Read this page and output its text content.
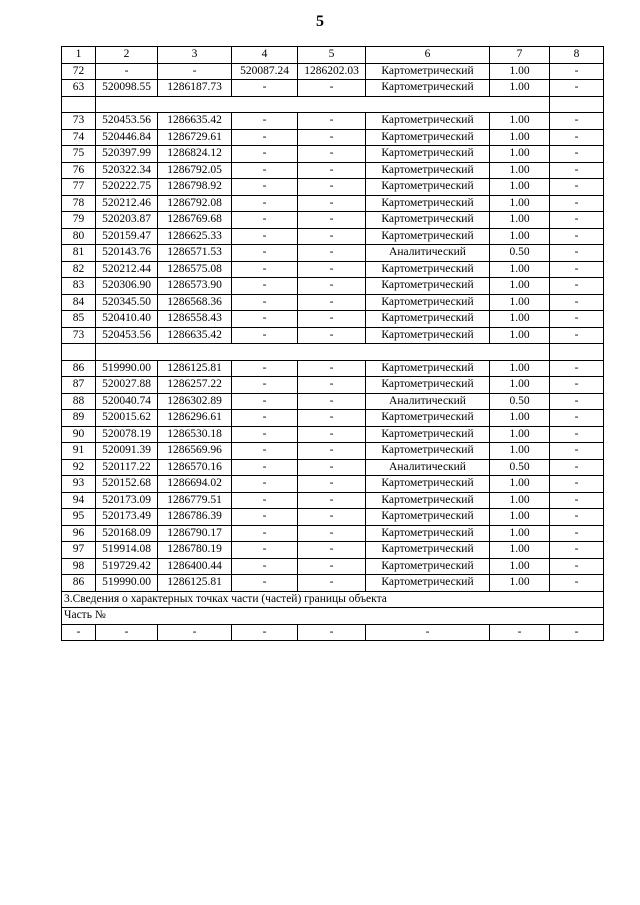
5
1	2	3	4	5	6	7	8
72	-	-	520087.24	1286202.03	Картометрический	1.00	-
63	520098.55	1286187.73	-	-	Картометрический	1.00	-

73	520453.56	1286635.42	-	-	Картометрический	1.00	-
74	520446.84	1286729.61	-	-	Картометрический	1.00	-
75	520397.99	1286824.12	-	-	Картометрический	1.00	-
76	520322.34	1286792.05	-	-	Картометрический	1.00	-
77	520222.75	1286798.92	-	-	Картометрический	1.00	-
78	520212.46	1286792.08	-	-	Картометрический	1.00	-
79	520203.87	1286769.68	-	-	Картометрический	1.00	-
80	520159.47	1286625.33	-	-	Картометрический	1.00	-
81	520143.76	1286571.53	-	-	Аналитический	0.50	-
82	520212.44	1286575.08	-	-	Картометрический	1.00	-
83	520306.90	1286573.90	-	-	Картометрический	1.00	-
84	520345.50	1286568.36	-	-	Картометрический	1.00	-
85	520410.40	1286558.43	-	-	Картометрический	1.00	-
73	520453.56	1286635.42	-	-	Картометрический	1.00	-

86	519990.00	1286125.81	-	-	Картометрический	1.00	-
87	520027.88	1286257.22	-	-	Картометрический	1.00	-
88	520040.74	1286302.89	-	-	Аналитический	0.50	-
89	520015.62	1286296.61	-	-	Картометрический	1.00	-
90	520078.19	1286530.18	-	-	Картометрический	1.00	-
91	520091.39	1286569.96	-	-	Картометрический	1.00	-
92	520117.22	1286570.16	-	-	Аналитический	0.50	-
93	520152.68	1286694.02	-	-	Картометрический	1.00	-
94	520173.09	1286779.51	-	-	Картометрический	1.00	-
95	520173.49	1286786.39	-	-	Картометрический	1.00	-
96	520168.09	1286790.17	-	-	Картометрический	1.00	-
97	519914.08	1286780.19	-	-	Картометрический	1.00	-
98	519729.42	1286400.44	-	-	Картометрический	1.00	-
86	519990.00	1286125.81	-	-	Картометрический	1.00	-
3.Сведения о характерных точках части (частей) границы объекта							
Часть №							
-	-	-	-	-	-	-	-
